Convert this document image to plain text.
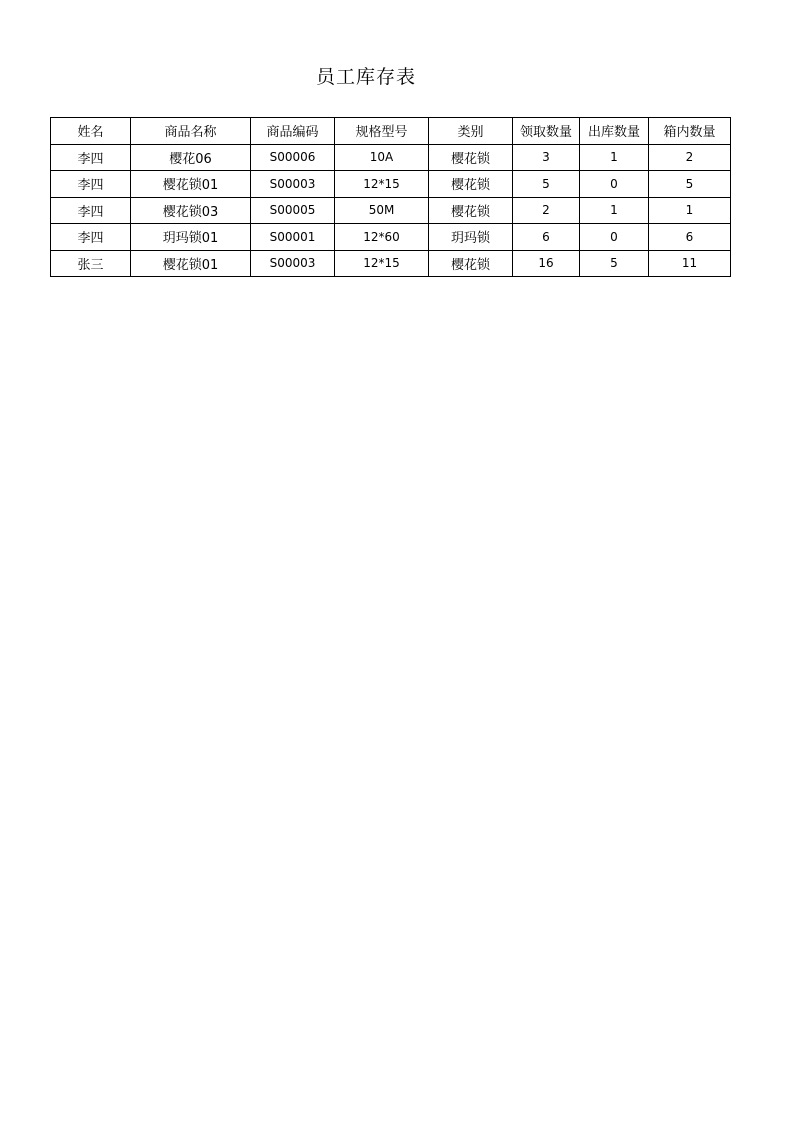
员工库存表
姓名	商品名称	商品编码	规格型号	类别	领取数量	出库数量	箱内数量
李四	樱花06	S00006	10A	樱花锁	3	1	2
李四	樱花锁01	S00003	12*15	樱花锁	5	0	5
李四	樱花锁03	S00005	50M	樱花锁	2	1	1
李四	玥玛锁01	S00001	12*60	玥玛锁	6	0	6
张三	樱花锁01	S00003	12*15	樱花锁	16	5	11
